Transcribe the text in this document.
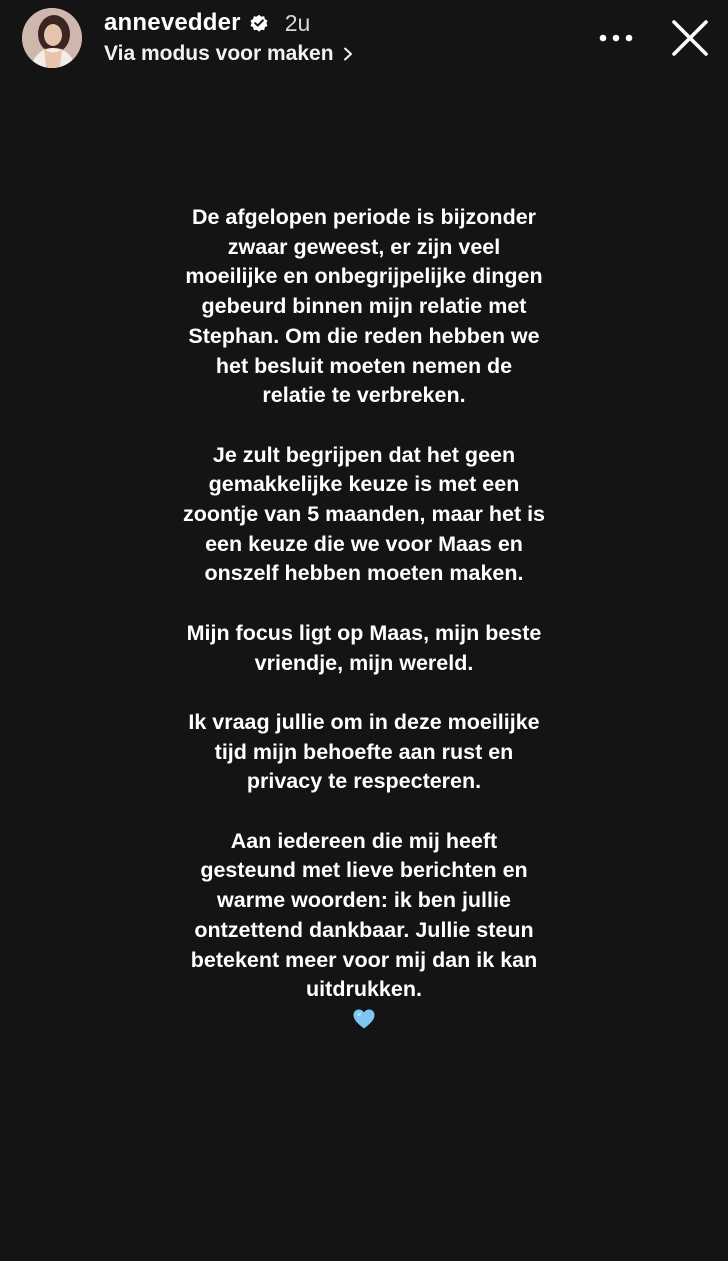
annevedder 2u
Via modus voor maken

De afgelopen periode is bijzonder
zwaar geweest, er zijn veel
moeilijke en onbegrijpelijke dingen
gebeurd binnen mijn relatie met
Stephan. Om die reden hebben we
het besluit moeten nemen de
relatie te verbreken.

Je zult begrijpen dat het geen
gemakkelijke keuze is met een
zoontje van 5 maanden, maar het is
een keuze die we voor Maas en
onszelf hebben moeten maken.

Mijn focus ligt op Maas, mijn beste
vriendje, mijn wereld.

Ik vraag jullie om in deze moeilijke
tijd mijn behoefte aan rust en
privacy te respecteren.

Aan iedereen die mij heeft
gesteund met lieve berichten en
warme woorden: ik ben jullie
ontzettend dankbaar. Jullie steun
betekent meer voor mij dan ik kan
uitdrukken.
